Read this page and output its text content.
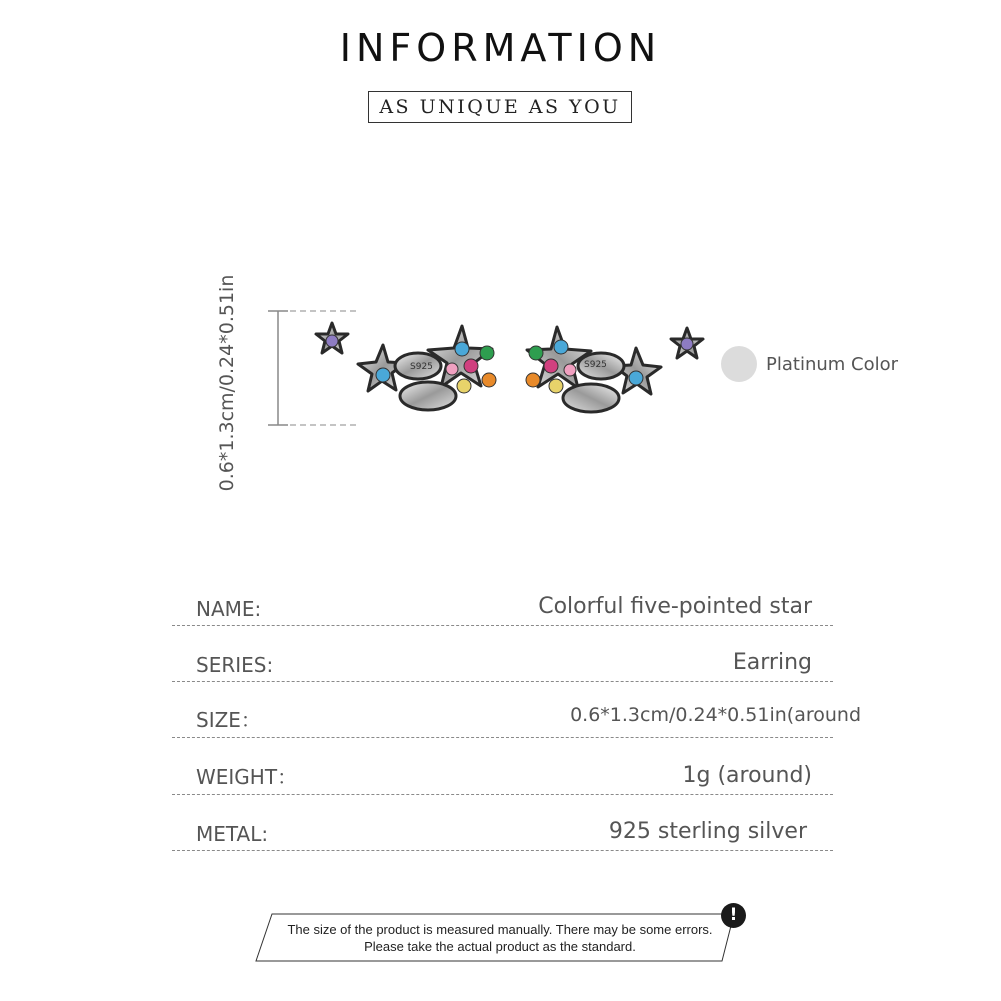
INFORMATION
AS UNIQUE AS YOU
S925	S925
0.6*1.3cm/0.24*0.51in	Platinum Color
NAME:	Colorful five-pointed star
SERIES:	Earring
SIZE：	0.6*1.3cm/0.24*0.51in(around
WEIGHT：	1g (around)
METAL:	925 sterling silver
The size of the product is measured manually. There may be some errors.
Please take the actual product as the standard.
!
